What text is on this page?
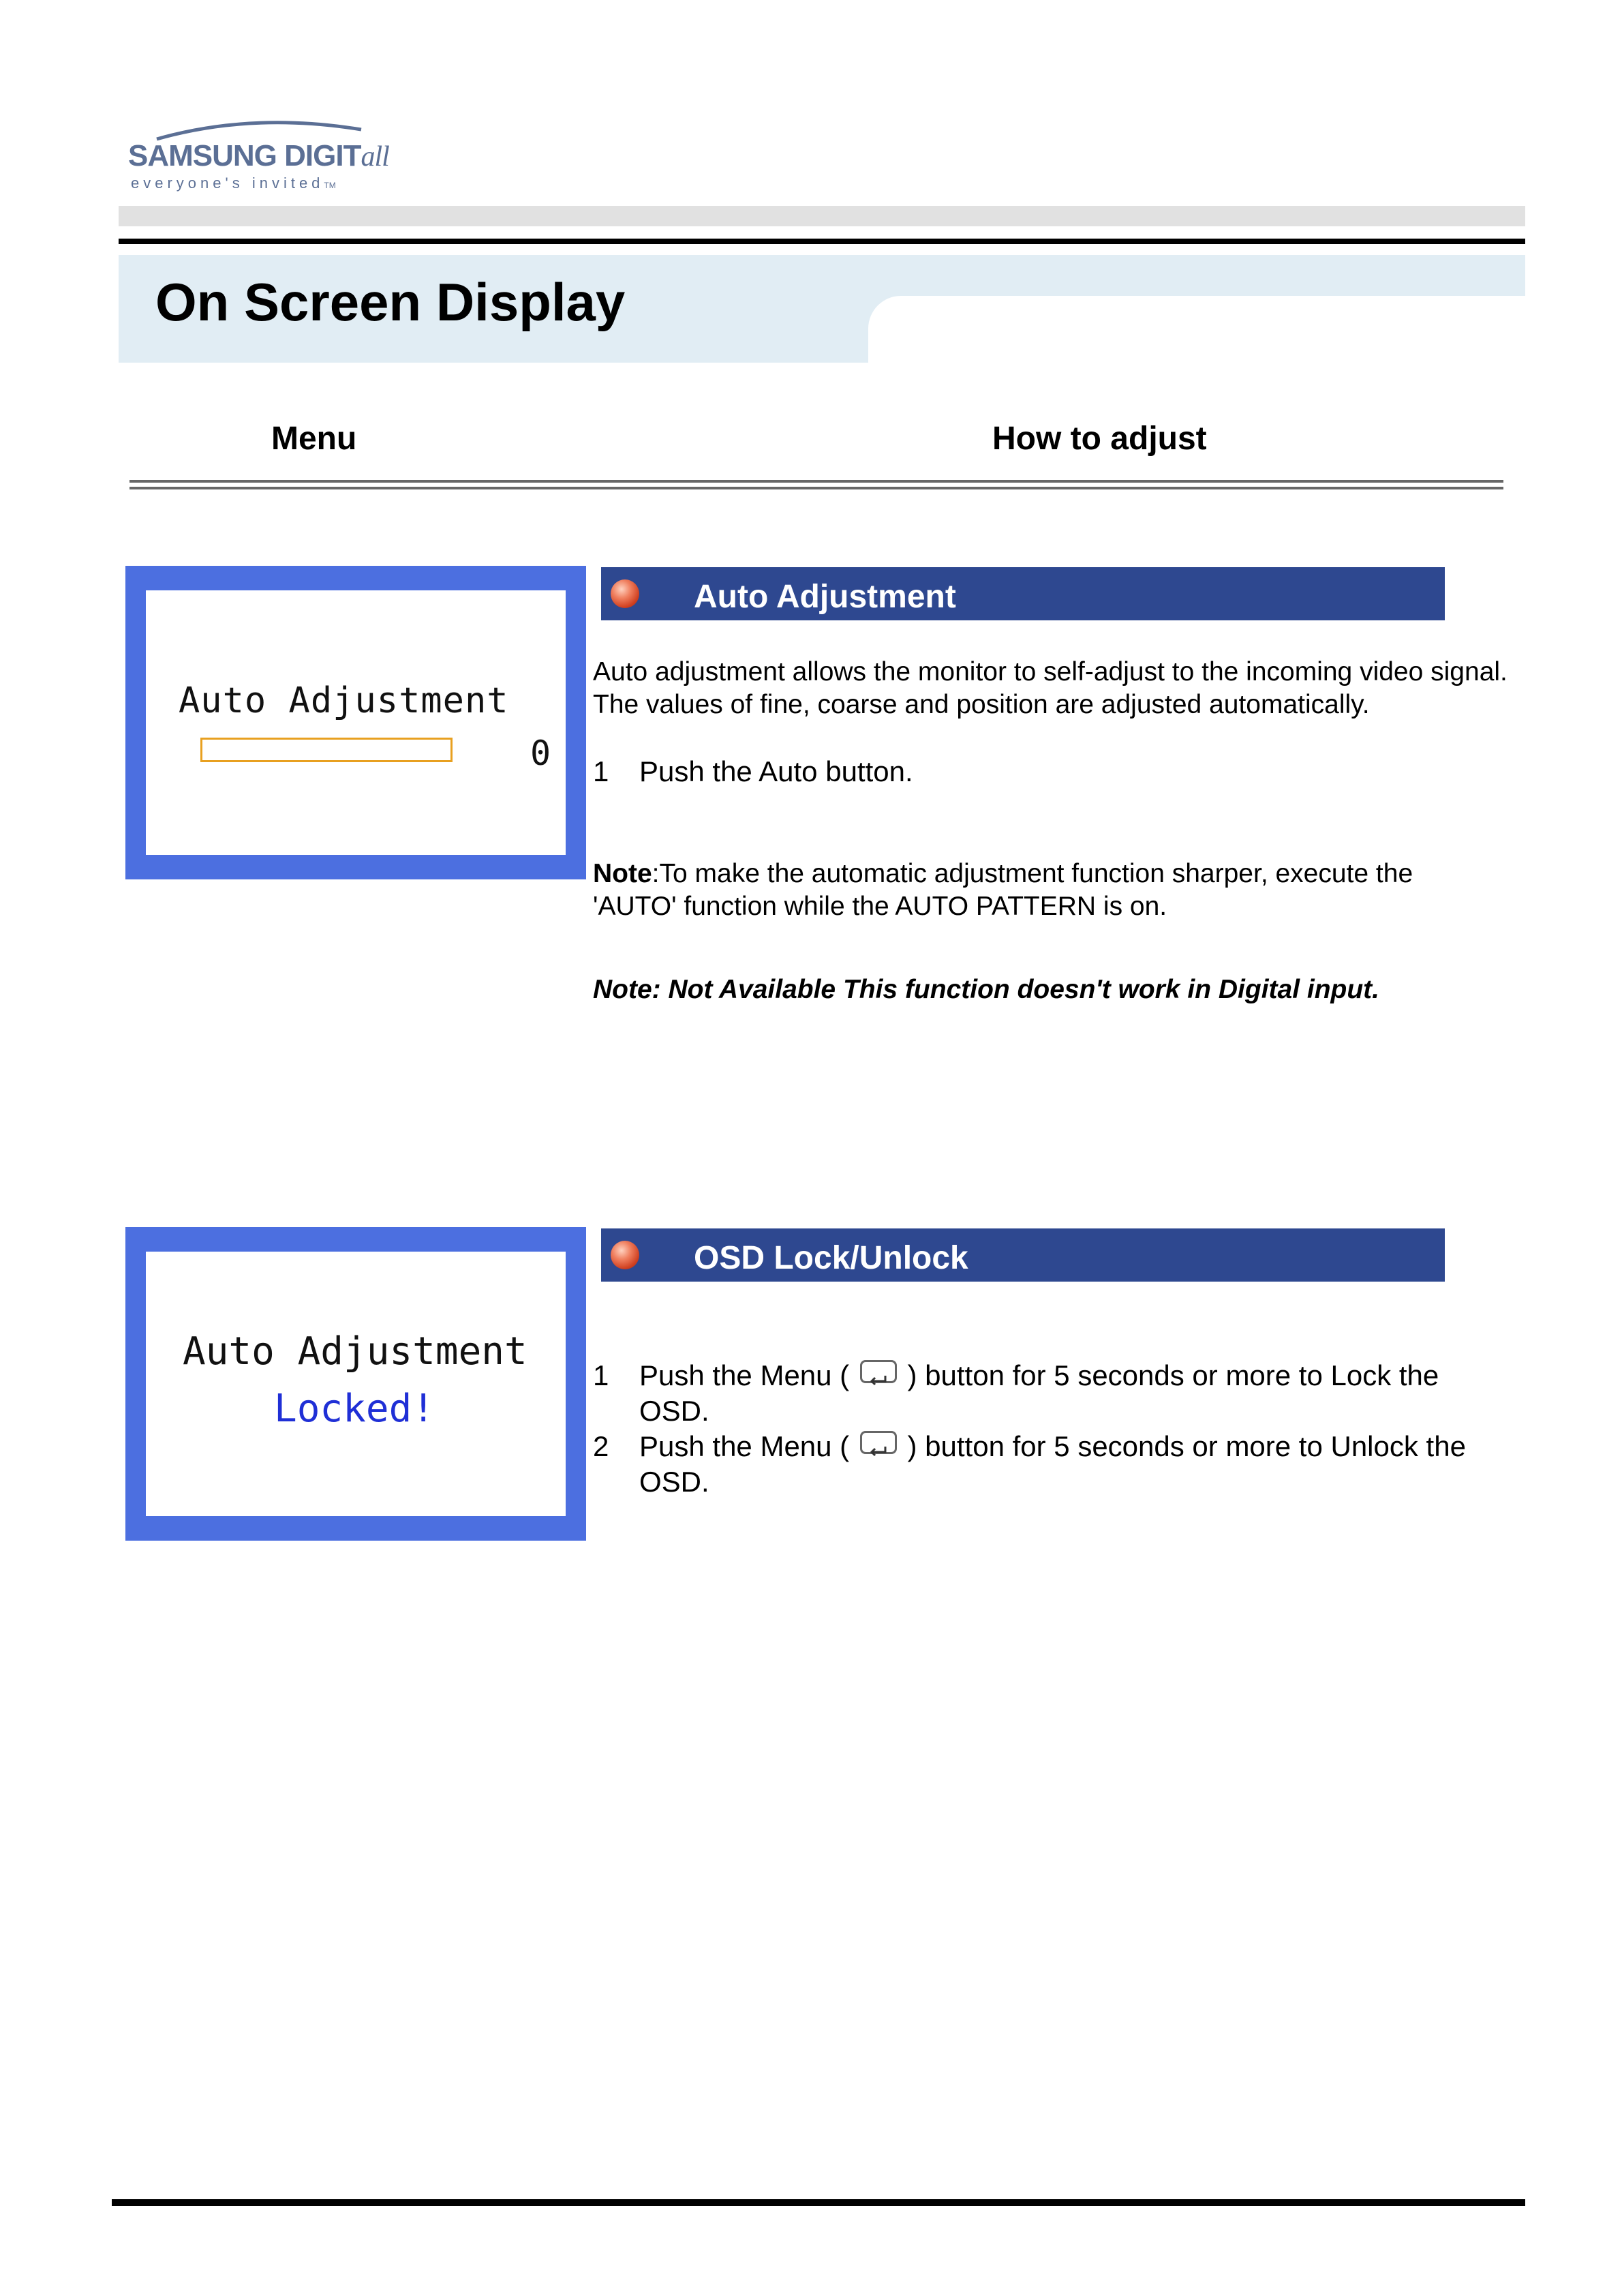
SAMSUNG DIGITall
everyone's invitedTM
On Screen Display
Menu	How to adjust
Auto Adjustment
0
Auto Adjustment
Auto adjustment allows the monitor to self-adjust to the incoming video signal.
The values of fine, coarse and position are adjusted automatically.
1 Push the Auto button.
Note:To make the automatic adjustment function sharper, execute the
'AUTO' function while the AUTO PATTERN is on.
Note: Not Available This function doesn't work in Digital input.
Auto Adjustment
Locked!
OSD Lock/Unlock
1 Push the Menu ( ) button for 5 seconds or more to Lock the
OSD.
2 Push the Menu ( ) button for 5 seconds or more to Unlock the
OSD.
